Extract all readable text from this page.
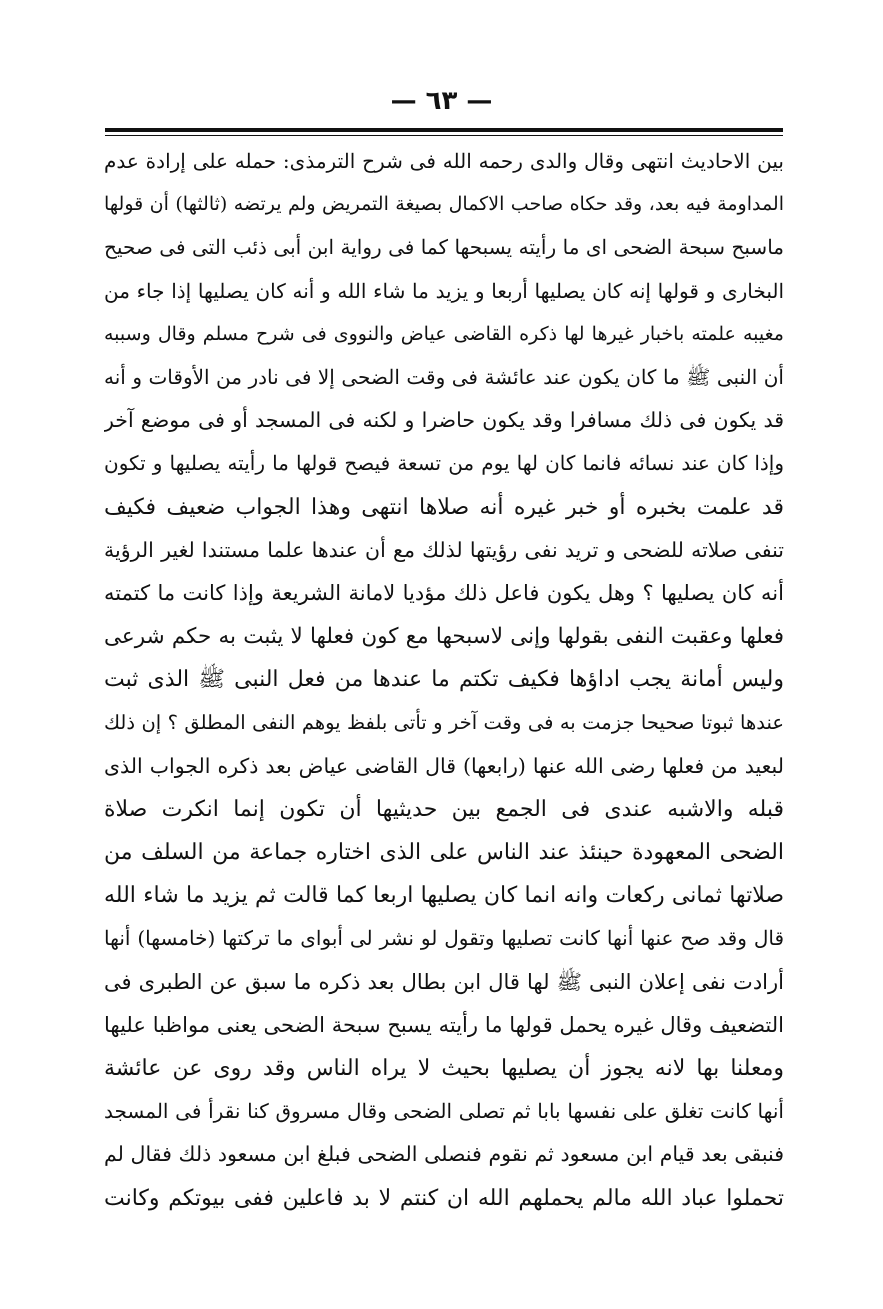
— ٦٣ —
بين الاحاديث انتهى وقال والدى رحمه الله فى شرح الترمذى: حمله على إرادة عدم
المداومة فيه بعد، وقد حكاه صاحب الاكمال بصيغة التمريض ولم يرتضه (ثالثها) أن قولها
ماسبح سبحة الضحى اى ما رأيته يسبحها كما فى رواية ابن أبى ذئب التى فى صحيح
البخارى و قولها إنه كان يصليها أربعا و يزيد ما شاء الله و أنه كان يصليها إذا جاء من
مغيبه علمته باخبار غيرها لها ذكره القاضى عياض والنووى فى شرح مسلم وقال وسببه
أن النبى ﷺ ما كان يكون عند عائشة فى وقت الضحى إلا فى نادر من الأوقات و أنه
قد يكون فى ذلك مسافرا وقد يكون حاضرا و لكنه فى المسجد أو فى موضع آخر
وإذا كان عند نسائه فانما كان لها يوم من تسعة فيصح قولها ما رأيته يصليها و تكون
قد علمت بخبره أو خبر غيره أنه صلاها انتهى وهذا الجواب ضعيف فكيف
تنفى صلاته للضحى و تريد نفى رؤيتها لذلك مع أن عندها علما مستندا لغير الرؤية
أنه كان يصليها ؟ وهل يكون فاعل ذلك مؤديا لامانة الشريعة وإذا كانت ما كتمته
فعلها وعقبت النفى بقولها وإنى لاسبحها مع كون فعلها لا يثبت به حكم شرعى
وليس أمانة يجب اداؤها فكيف تكتم ما عندها من فعل النبى ﷺ الذى ثبت
عندها ثبوتا صحيحا جزمت به فى وقت آخر و تأتى بلفظ يوهم النفى المطلق ؟ إن ذلك
لبعيد من فعلها رضى الله عنها (رابعها) قال القاضى عياض بعد ذكره الجواب الذى
قبله والاشبه عندى فى الجمع بين حديثيها أن تكون إنما انكرت صلاة
الضحى المعهودة حينئذ عند الناس على الذى اختاره جماعة من السلف من
صلاتها ثمانى ركعات وانه انما كان يصليها اربعا كما قالت ثم يزيد ما شاء الله
قال وقد صح عنها أنها كانت تصليها وتقول لو نشر لى أبواى ما تركتها (خامسها) أنها
أرادت نفى إعلان النبى ﷺ لها قال ابن بطال بعد ذكره ما سبق عن الطبرى فى
التضعيف وقال غيره يحمل قولها ما رأيته يسبح سبحة الضحى يعنى مواظبا عليها
ومعلنا بها لانه يجوز أن يصليها بحيث لا يراه الناس وقد روى عن عائشة
أنها كانت تغلق على نفسها بابا ثم تصلى الضحى وقال مسروق كنا نقرأ فى المسجد
فنبقى بعد قيام ابن مسعود ثم نقوم فنصلى الضحى فبلغ ابن مسعود ذلك فقال لم
تحملوا عباد الله مالم يحملهم الله ان كنتم لا بد فاعلين ففى بيوتكم وكانت
